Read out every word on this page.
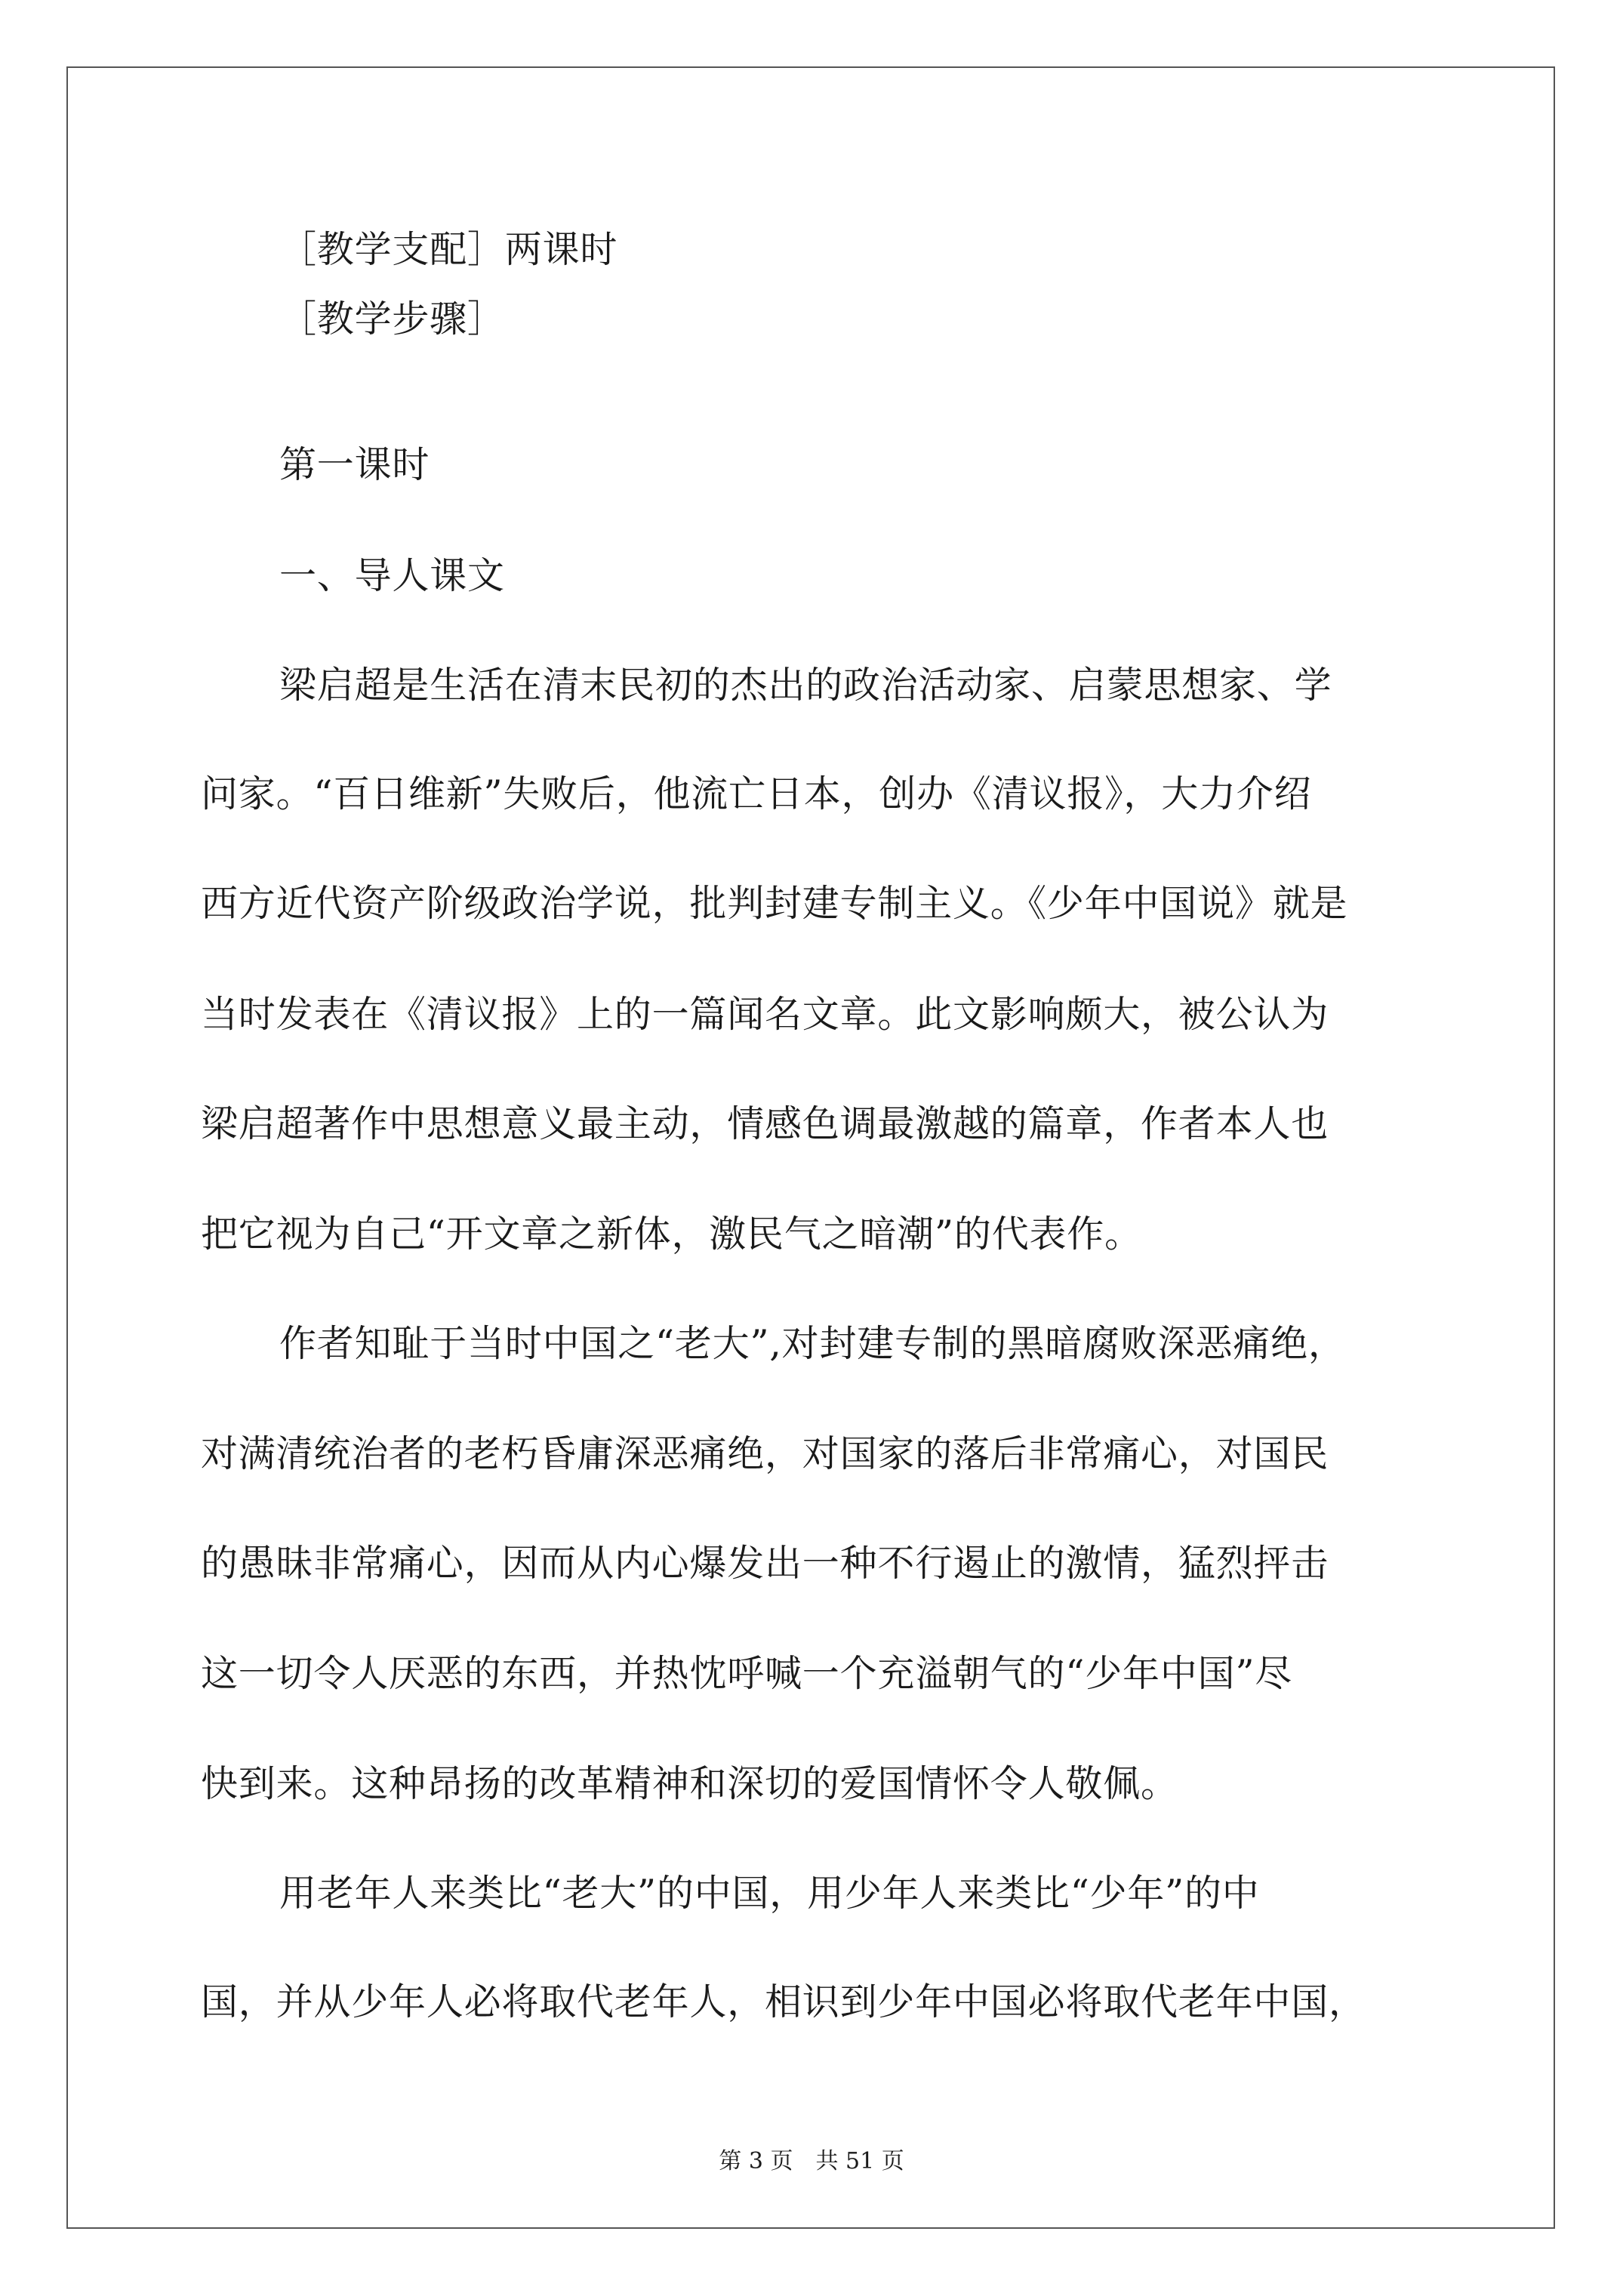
［教学支配］两课时
［教学步骤］
第一课时
一、导人课文
梁启超是生活在清末民初的杰出的政治活动家、启蒙思想家、学
问家。“百日维新”失败后，他流亡日本，创办《清议报》，大力介绍
西方近代资产阶级政治学说，批判封建专制主义。《少年中国说》就是
当时发表在《清议报》上的一篇闻名文章。此文影响颇大，被公认为
梁启超著作中思想意义最主动，情感色调最激越的篇章，作者本人也
把它视为自己“开文章之新体，激民气之暗潮”的代表作。
作者知耻于当时中国之“老大”,对封建专制的黑暗腐败深恶痛绝，
对满清统治者的老朽昏庸深恶痛绝，对国家的落后非常痛心，对国民
的愚昧非常痛心，因而从内心爆发出一种不行遏止的激情，猛烈抨击
这一切令人厌恶的东西，并热忱呼喊一个充溢朝气的“少年中国”尽
快到来。这种昂扬的改革精神和深切的爱国情怀令人敬佩。
用老年人来类比“老大”的中国，用少年人来类比“少年”的中
国，并从少年人必将取代老年人，相识到少年中国必将取代老年中国，
第 3 页　共 51 页
